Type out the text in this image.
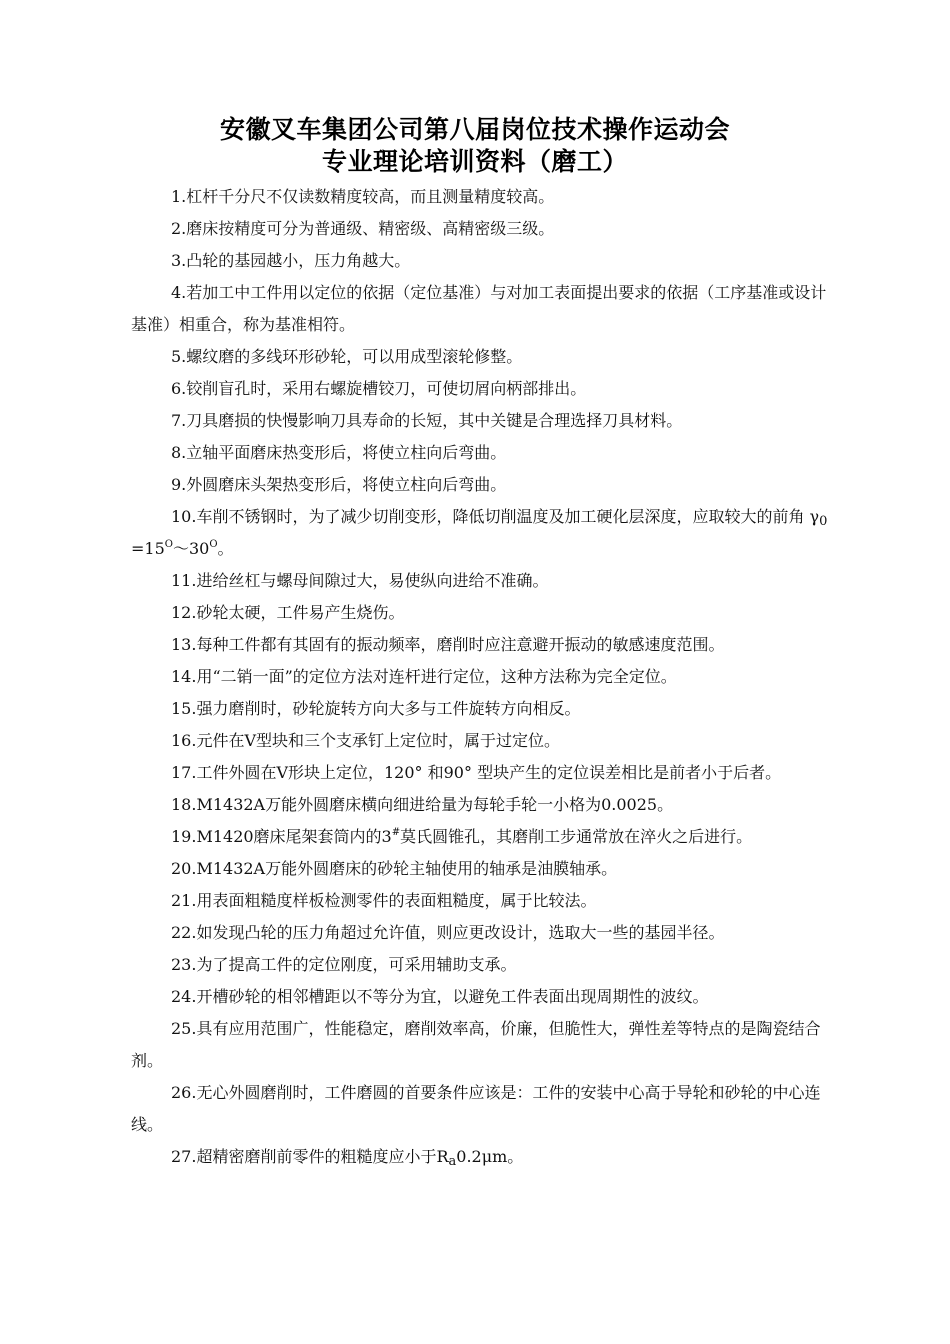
安徽叉车集团公司第八届岗位技术操作运动会
专业理论培训资料（磨工）

1.杠杆千分尺不仅读数精度较高，而且测量精度较高。

2.磨床按精度可分为普通级、精密级、高精密级三级。

3.凸轮的基园越小，压力角越大。

4.若加工中工件用以定位的依据（定位基准）与对加工表面提出要求的依据（工序基准或设计基准）相重合，称为基准相符。

5.螺纹磨的多线环形砂轮，可以用成型滚轮修整。

6.铰削盲孔时，采用右螺旋槽铰刀，可使切屑向柄部排出。

7.刀具磨损的快慢影响刀具寿命的长短，其中关键是合理选择刀具材料。

8.立轴平面磨床热变形后，将使立柱向后弯曲。

9.外圆磨床头架热变形后，将使立柱向后弯曲。

10.车削不锈钢时，为了减少切削变形，降低切削温度及加工硬化层深度，应取较大的前角 $\gamma_0=15^O\sim 30^O$。

11.进给丝杠与螺母间隙过大，易使纵向进给不准确。

12.砂轮太硬，工件易产生烧伤。

13.每种工件都有其固有的振动频率，磨削时应注意避开振动的敏感速度范围。

14.用“二销一面”的定位方法对连杆进行定位，这种方法称为完全定位。

15.强力磨削时，砂轮旋转方向大多与工件旋转方向相反。

16.元件在V型块和三个支承钉上定位时，属于过定位。

17.工件外圆在V形块上定位，120° 和90° 型块产生的定位误差相比是前者小于后者。

18.M1432A万能外圆磨床横向细进给量为每轮手轮一小格为0.0025。

19.M1420磨床尾架套筒内的3#莫氏圆锥孔，其磨削工步通常放在淬火之后进行。

20.M1432A万能外圆磨床的砂轮主轴使用的轴承是油膜轴承。

21.用表面粗糙度样板检测零件的表面粗糙度，属于比较法。

22.如发现凸轮的压力角超过允许值，则应更改设计，选取大一些的基园半径。

23.为了提高工件的定位刚度，可采用辅助支承。

24.开槽砂轮的相邻槽距以不等分为宜，以避免工件表面出现周期性的波纹。

25.具有应用范围广，性能稳定，磨削效率高，价廉，但脆性大，弹性差等特点的是陶瓷结合剂。

26.无心外圆磨削时，工件磨圆的首要条件应该是：工件的安装中心高于导轮和砂轮的中心连线。

27.超精密磨削前零件的粗糙度应小于$R_a0.2\mu m$。
